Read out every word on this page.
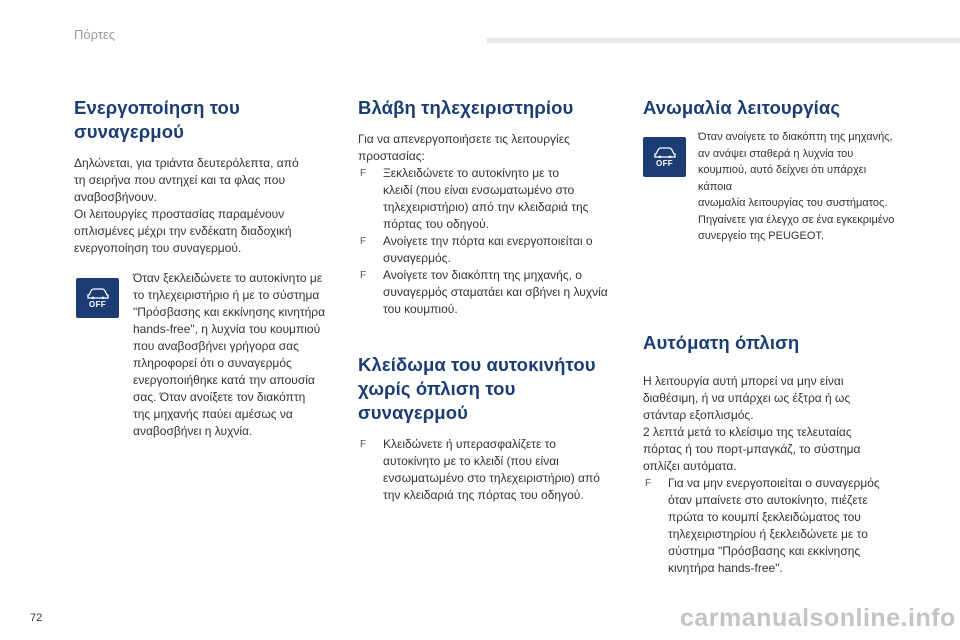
Πόρτες
Ενεργοποίηση του συναγερμού

Δηλώνεται, για τριάντα δευτερόλεπτα, από
τη σειρήνα που αντηχεί και τα φλας που
αναβοσβήνουν.
Οι λειτουργίες προστασίας παραμένουν
οπλισμένες μέχρι την ενδέκατη διαδοχική
ενεργοποίηση του συναγερμού.

OFF

Όταν ξεκλειδώνετε το αυτοκίνητο με
το τηλεχειριστήριο ή με το σύστημα
"Πρόσβασης και εκκίνησης κινητήρα
hands-free", η λυχνία του κουμπιού
που αναβοσβήνει γρήγορα σας
πληροφορεί ότι ο συναγερμός
ενεργοποιήθηκε κατά την απουσία
σας. Όταν ανοίξετε τον διακόπτη
της μηχανής παύει αμέσως να
αναβοσβήνει η λυχνία.

Βλάβη τηλεχειριστηρίου

Για να απενεργοποιήσετε τις λειτουργίες
προστασίας:

F Ξεκλειδώνετε το αυτοκίνητο με το
κλειδί (που είναι ενσωματωμένο στο
τηλεχειριστήριο) από την κλειδαριά της
πόρτας του οδηγού.
F Ανοίγετε την πόρτα και ενεργοποιείται ο
συναγερμός.
F Ανοίγετε τον διακόπτη της μηχανής, ο
συναγερμός σταματάει και σβήνει η λυχνία
του κουμπιού.
Κλείδωμα του αυτοκινήτου
χωρίς όπλιση του συναγερμού
F Κλειδώνετε ή υπερασφαλίζετε το
αυτοκίνητο με το κλειδί (που είναι
ενσωματωμένο στο τηλεχειριστήριο) από
την κλειδαριά της πόρτας του οδηγού.
Ανωμαλία λειτουργίας
OFF

Όταν ανοίγετε το διακόπτη της μηχανής,
αν ανάψει σταθερά η λυχνία του
κουμπιού, αυτό δείχνει ότι υπάρχει κάποια
ανωμαλία λειτουργίας του συστήματος.
Πηγαίνετε για έλεγχο σε ένα εγκεκριμένο
συνεργείο της PEUGEOT.

Αυτόματη όπλιση

Η λειτουργία αυτή μπορεί να μην είναι
διαθέσιμη, ή να υπάρχει ως έξτρα ή ως
στάνταρ εξοπλισμός.
2 λεπτά μετά το κλείσιμο της τελευταίας
πόρτας ή του πορτ-μπαγκάζ, το σύστημα
οπλίζει αυτόματα.

F Για να μην ενεργοποιείται ο συναγερμός
όταν μπαίνετε στο αυτοκίνητο, πιέζετε
πρώτα το κουμπί ξεκλειδώματος του
τηλεχειριστηρίου ή ξεκλειδώνετε με το
σύστημα "Πρόσβασης και εκκίνησης
κινητήρα hands-free".
72	carmanualsonline.info
